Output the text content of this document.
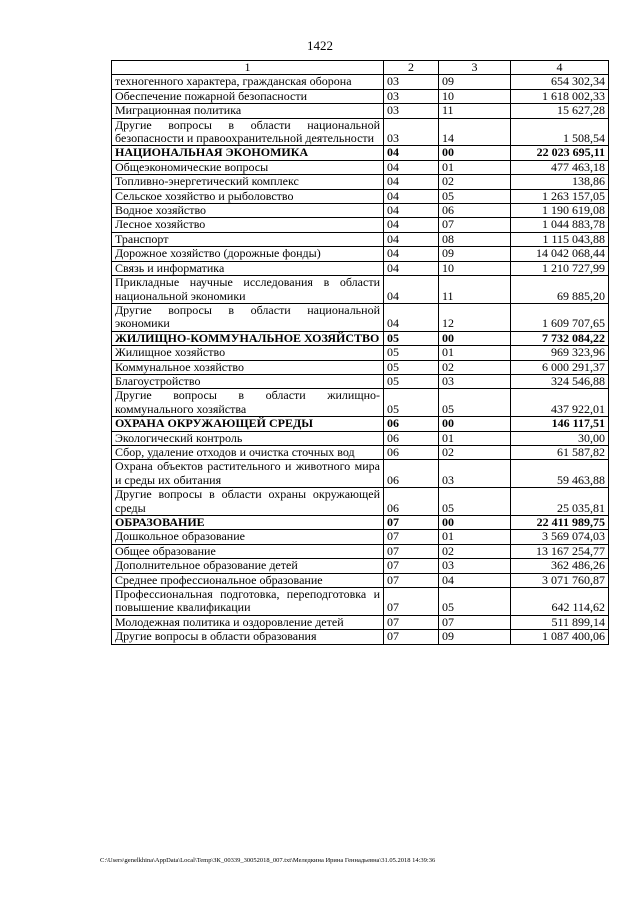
1422
1	2	3	4
техногенного характера, гражданская оборона	03	09	654 302,34
Обеспечение пожарной безопасности	03	10	1 618 002,33
Миграционная политика	03	11	15 627,28
Другие вопросы в области национальной безопасности и правоохранительной деятельности	03	14	1 508,54
НАЦИОНАЛЬНАЯ ЭКОНОМИКА	04	00	22 023 695,11
Общеэкономические вопросы	04	01	477 463,18
Топливно-энергетический комплекс	04	02	138,86
Сельское хозяйство и рыболовство	04	05	1 263 157,05
Водное хозяйство	04	06	1 190 619,08
Лесное хозяйство	04	07	1 044 883,78
Транспорт	04	08	1 115 043,88
Дорожное хозяйство (дорожные фонды)	04	09	14 042 068,44
Связь и информатика	04	10	1 210 727,99
Прикладные научные исследования в области национальной экономики	04	11	69 885,20
Другие вопросы в области национальной экономики	04	12	1 609 707,65
ЖИЛИЩНО-КОММУНАЛЬНОЕ ХОЗЯЙСТВО	05	00	7 732 084,22
Жилищное хозяйство	05	01	969 323,96
Коммунальное хозяйство	05	02	6 000 291,37
Благоустройство	05	03	324 546,88
Другие вопросы в области жилищно-коммунального хозяйства	05	05	437 922,01
ОХРАНА ОКРУЖАЮЩЕЙ СРЕДЫ	06	00	146 117,51
Экологический контроль	06	01	30,00
Сбор, удаление отходов и очистка сточных вод	06	02	61 587,82
Охрана объектов растительного и животного мира и среды их обитания	06	03	59 463,88
Другие вопросы в области охраны окружающей среды	06	05	25 035,81
ОБРАЗОВАНИЕ	07	00	22 411 989,75
Дошкольное образование	07	01	3 569 074,03
Общее образование	07	02	13 167 254,77
Дополнительное образование детей	07	03	362 486,26
Среднее профессиональное образование	07	04	3 071 760,87
Профессиональная подготовка, переподготовка и повышение квалификации	07	05	642 114,62
Молодежная политика и оздоровление детей	07	07	511 899,14
Другие вопросы в области образования	07	09	1 087 400,06
C:\Users\genelkhina\AppData\Local\Temp\ЗК_00339_30052018_007.txt\Меледкина Ирина Геннадьевна\31.05.2018 14:39:36
